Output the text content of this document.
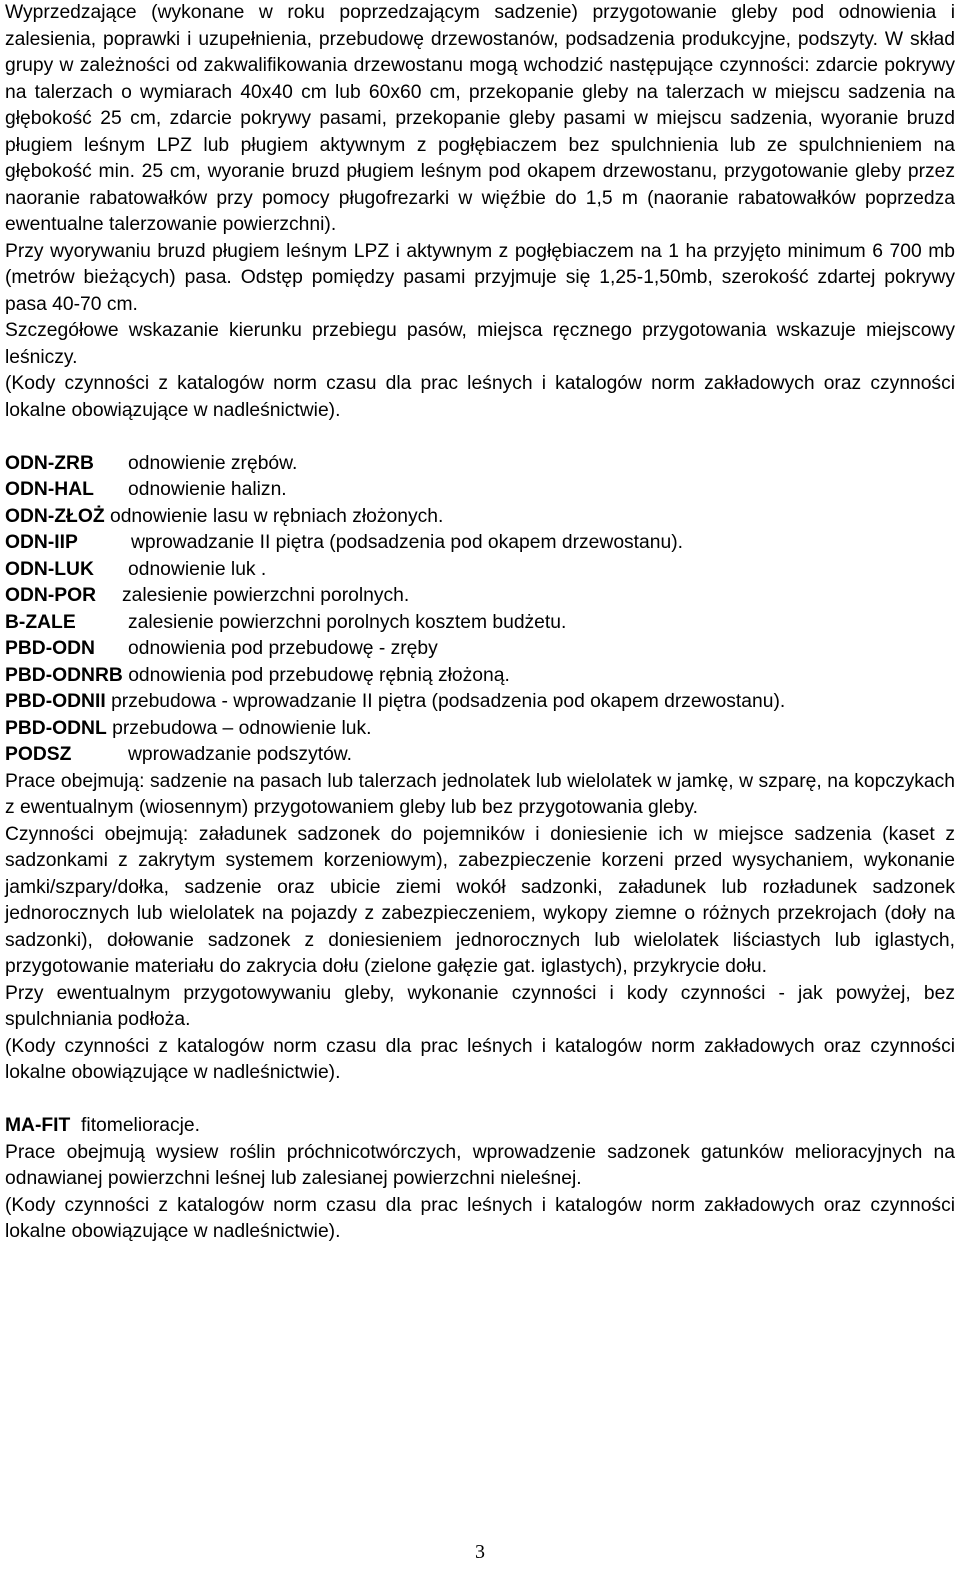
Wyprzedzające (wykonane w roku poprzedzającym sadzenie) przygotowanie gleby pod odnowienia i zalesienia, poprawki i uzupełnienia, przebudowę drzewostanów, podsadzenia produkcyjne, podszyty. W skład grupy w zależności od zakwalifikowania drzewostanu mogą wchodzić następujące czynności: zdarcie pokrywy na talerzach o wymiarach 40x40 cm lub 60x60 cm, przekopanie gleby na talerzach w miejscu sadzenia na głębokość 25 cm, zdarcie pokrywy pasami, przekopanie gleby pasami w miejscu sadzenia, wyoranie bruzd pługiem leśnym LPZ lub pługiem aktywnym z pogłębiaczem bez spulchnienia lub ze spulchnieniem na głębokość min. 25 cm, wyoranie bruzd pługiem leśnym pod okapem drzewostanu, przygotowanie gleby przez naoranie rabatowałków przy pomocy pługofrezarki w więźbie do 1,5 m (naoranie rabatowałków poprzedza ewentualne talerzowanie powierzchni).

Przy wyorywaniu bruzd pługiem leśnym LPZ i aktywnym z pogłębiaczem na 1 ha przyjęto minimum 6 700 mb (metrów bieżących) pasa. Odstęp pomiędzy pasami przyjmuje się 1,25-1,50mb, szerokość zdartej pokrywy pasa 40-70 cm.

Szczegółowe wskazanie kierunku przebiegu pasów, miejsca ręcznego przygotowania wskazuje miejscowy leśniczy.

(Kody czynności z katalogów norm czasu dla prac leśnych i katalogów norm zakładowych oraz czynności lokalne obowiązujące w nadleśnictwie).

ODN-ZRB odnowienie zrębów.

ODN-HAL odnowienie halizn.

ODN-ZŁOŻ odnowienie lasu w rębniach złożonych.

ODN-IIP	wprowadzanie II piętra (podsadzenia pod okapem drzewostanu).

ODN-LUK odnowienie luk .

ODN-POR zalesienie powierzchni porolnych.

B-ZALE	zalesienie powierzchni porolnych kosztem budżetu.

PBD-ODN odnowienia pod przebudowę - zręby

PBD-ODNRB odnowienia pod przebudowę rębnią złożoną.

PBD-ODNII przebudowa - wprowadzanie II piętra (podsadzenia pod okapem drzewostanu).

PBD-ODNL przebudowa – odnowienie luk.

PODSZ	wprowadzanie podszytów.

Prace obejmują: sadzenie na pasach lub talerzach jednolatek lub wielolatek w jamkę, w szparę, na kopczykach z ewentualnym (wiosennym) przygotowaniem gleby lub bez przygotowania gleby.

Czynności obejmują: załadunek sadzonek do pojemników i doniesienie ich w miejsce sadzenia (kaset z sadzonkami z zakrytym systemem korzeniowym), zabezpieczenie korzeni przed wysychaniem, wykonanie jamki/szpary/dołka, sadzenie oraz ubicie ziemi wokół sadzonki, załadunek lub rozładunek sadzonek jednorocznych lub wielolatek na pojazdy z zabezpieczeniem, wykopy ziemne o różnych przekrojach (doły na sadzonki), dołowanie sadzonek z doniesieniem jednorocznych lub wielolatek liściastych lub iglastych, przygotowanie materiału do zakrycia dołu (zielone gałęzie gat. iglastych), przykrycie dołu.

Przy ewentualnym przygotowywaniu gleby, wykonanie czynności i kody czynności - jak powyżej, bez spulchniania podłoża.

(Kody czynności z katalogów norm czasu dla prac leśnych i katalogów norm zakładowych oraz czynności lokalne obowiązujące w nadleśnictwie).

MA-FIT fitomelioracje.

Prace obejmują wysiew roślin próchnicotwórczych, wprowadzenie sadzonek gatunków melioracyjnych na odnawianej powierzchni leśnej lub zalesianej powierzchni nieleśnej.

(Kody czynności z katalogów norm czasu dla prac leśnych i katalogów norm zakładowych oraz czynności lokalne obowiązujące w nadleśnictwie).

3
